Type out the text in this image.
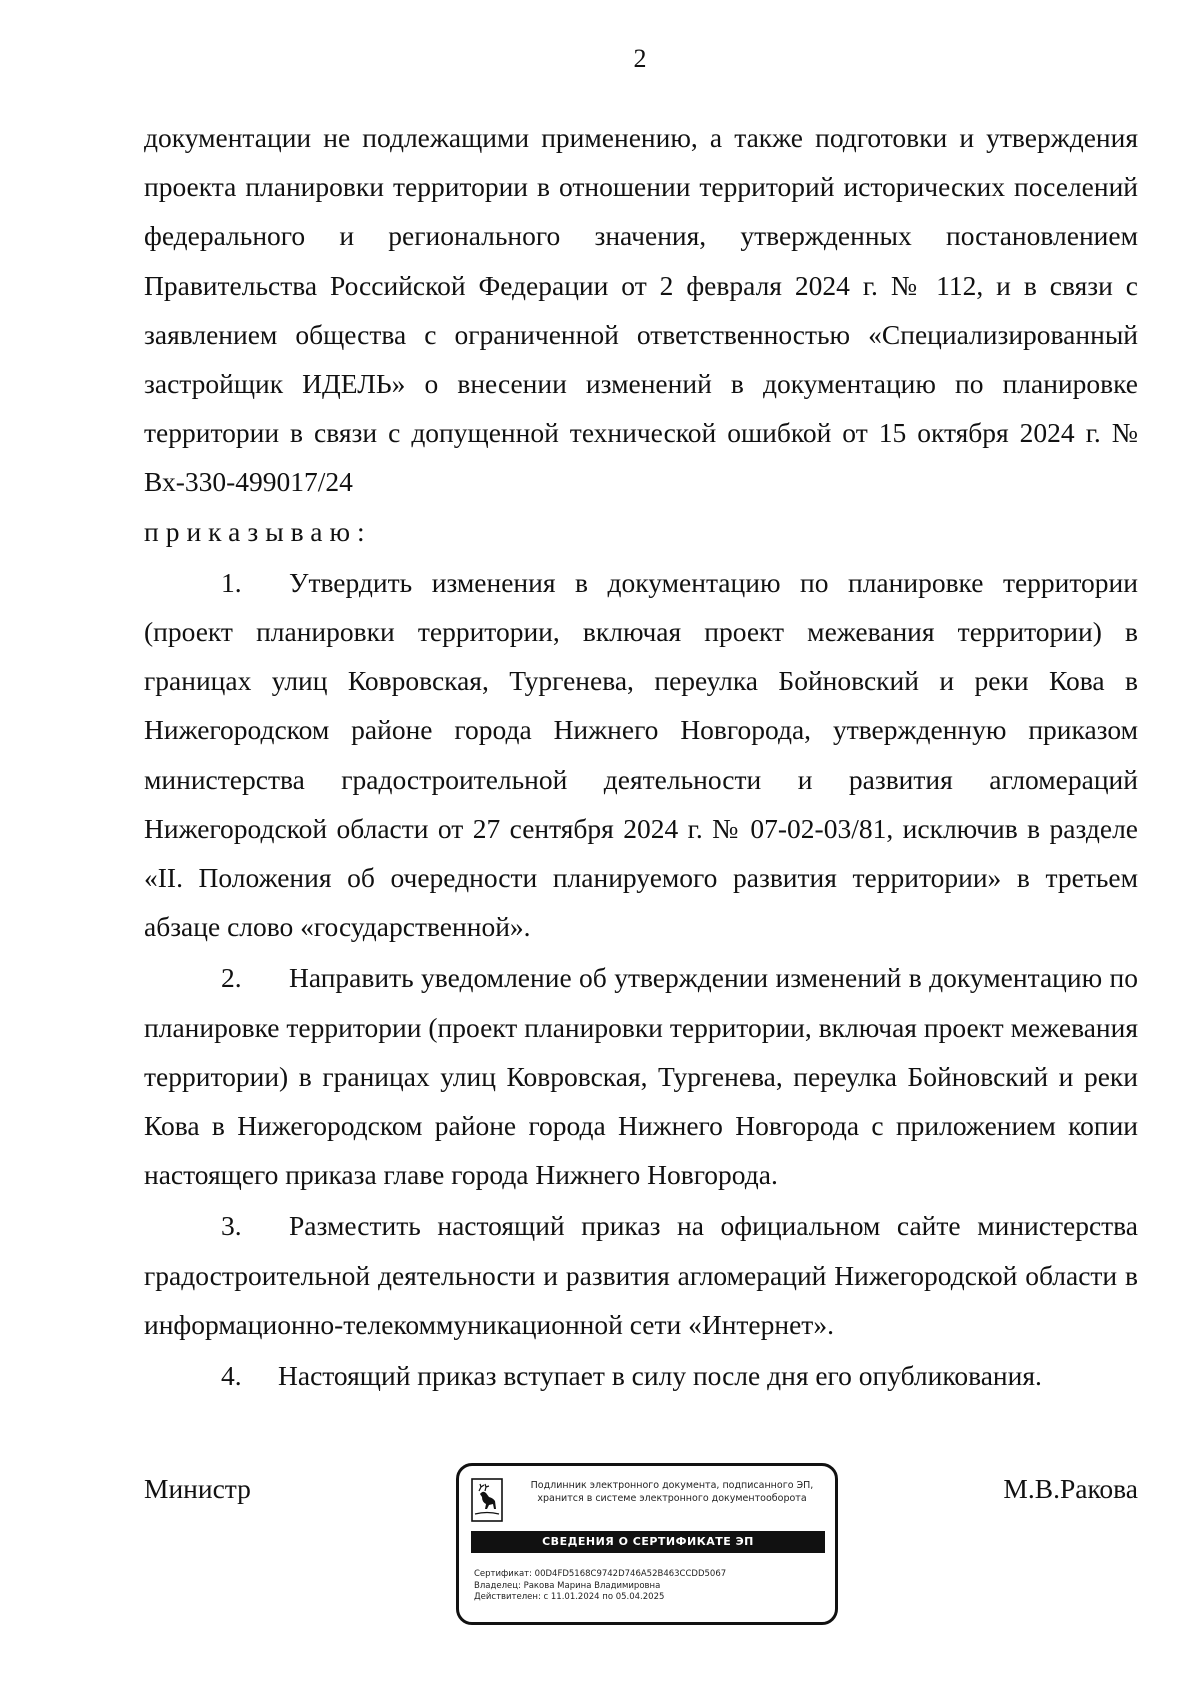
2

документации не подлежащими применению, а также подготовки и утверждения проекта планировки территории в отношении территорий исторических поселений федерального и регионального значения, утвержденных постановлением Правительства Российской Федерации от 2 февраля 2024 г. № 112, и в связи с заявлением общества с ограниченной ответственностью «Специализированный застройщик ИДЕЛЬ» о внесении изменений в документацию по планировке территории в связи с допущенной технической ошибкой от 15 октября 2024 г. № Вх-330-499017/24

приказываю:

1. Утвердить изменения в документацию по планировке территории (проект планировки территории, включая проект межевания территории) в границах улиц Ковровская, Тургенева, переулка Бойновский и реки Кова в Нижегородском районе города Нижнего Новгорода, утвержденную приказом министерства градостроительной деятельности и развития агломераций Нижегородской области от 27 сентября 2024 г. № 07-02-03/81, исключив в разделе «II. Положения об очередности планируемого развития территории» в третьем абзаце слово «государственной».

2. Направить уведомление об утверждении изменений в документацию по планировке территории (проект планировки территории, включая проект межевания территории) в границах улиц Ковровская, Тургенева, переулка Бойновский и реки Кова в Нижегородском районе города Нижнего Новгорода с приложением копии настоящего приказа главе города Нижнего Новгорода.

3. Разместить настоящий приказ на официальном сайте министерства градостроительной деятельности и развития агломераций Нижегородской области в информационно-телекоммуникационной сети «Интернет».

4. Настоящий приказ вступает в силу после дня его опубликования.

Министр	М.В.Ракова
Подлинник электронного документа, подписанного ЭП,
хранится в системе электронного документооборота
СВЕДЕНИЯ О СЕРТИФИКАТЕ ЭП
Сертификат: 00D4FD5168C9742D746A52B463CCDD5067
Владелец: Ракова Марина Владимировна
Действителен: с 11.01.2024 по 05.04.2025
